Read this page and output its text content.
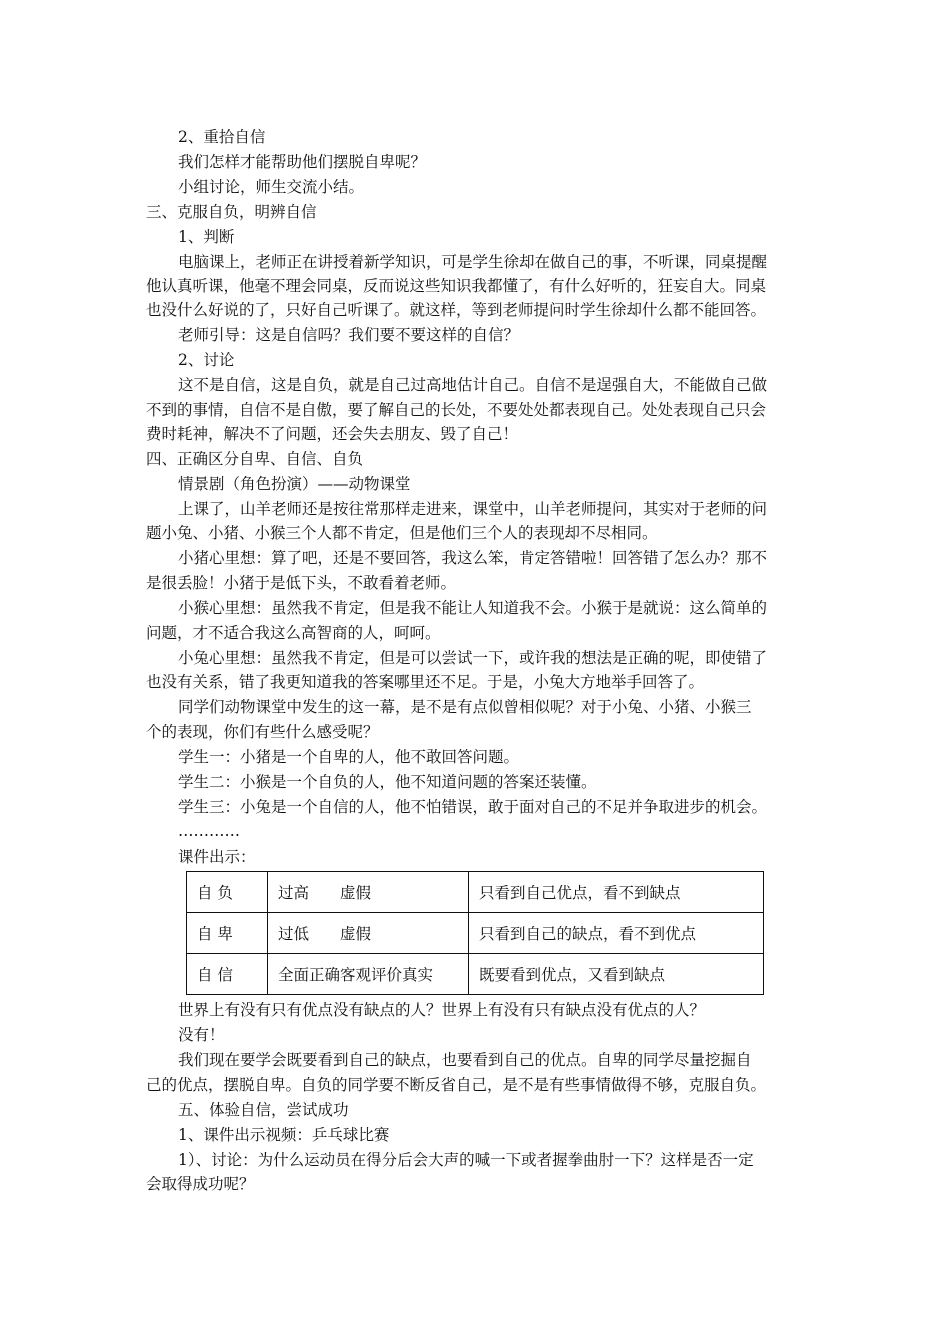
2、重拾自信
我们怎样才能帮助他们摆脱自卑呢？
小组讨论，师生交流小结。
三、克服自负，明辨自信
1、判断
电脑课上，老师正在讲授着新学知识，可是学生徐却在做自己的事，不听课，同桌提醒
他认真听课，他毫不理会同桌，反而说这些知识我都懂了，有什么好听的，狂妄自大。同桌
也没什么好说的了，只好自己听课了。就这样，等到老师提问时学生徐却什么都不能回答。
老师引导：这是自信吗？我们要不要这样的自信？
2、讨论
这不是自信，这是自负，就是自己过高地估计自己。自信不是逞强自大，不能做自己做
不到的事情，自信不是自傲，要了解自己的长处，不要处处都表现自己。处处表现自己只会
费时耗神，解决不了问题，还会失去朋友、毁了自己！
四、正确区分自卑、自信、自负
情景剧（角色扮演）——动物课堂
上课了，山羊老师还是按往常那样走进来，课堂中，山羊老师提问，其实对于老师的问
题小兔、小猪、小猴三个人都不肯定，但是他们三个人的表现却不尽相同。
小猪心里想：算了吧，还是不要回答，我这么笨，肯定答错啦！回答错了怎么办？那不
是很丢脸！小猪于是低下头，不敢看着老师。
小猴心里想：虽然我不肯定，但是我不能让人知道我不会。小猴于是就说：这么简单的
问题，才不适合我这么高智商的人，呵呵。
小兔心里想：虽然我不肯定，但是可以尝试一下，或许我的想法是正确的呢，即使错了
也没有关系，错了我更知道我的答案哪里还不足。于是，小兔大方地举手回答了。
同学们动物课堂中发生的这一幕，是不是有点似曾相似呢？对于小兔、小猪、小猴三
个的表现，你们有些什么感受呢？
学生一：小猪是一个自卑的人，他不敢回答问题。
学生二：小猴是一个自负的人，他不知道问题的答案还装懂。
学生三：小兔是一个自信的人，他不怕错误，敢于面对自己的不足并争取进步的机会。
…………
课件出示：
自 负	过高　　虚假	只看到自己优点，看不到缺点
自 卑	过低　　虚假	只看到自己的缺点，看不到优点
自 信	全面正确客观评价真实	既要看到优点，又看到缺点
世界上有没有只有优点没有缺点的人？世界上有没有只有缺点没有优点的人？
没有！
我们现在要学会既要看到自己的缺点，也要看到自己的优点。自卑的同学尽量挖掘自
己的优点，摆脱自卑。自负的同学要不断反省自己，是不是有些事情做得不够，克服自负。
五、体验自信，尝试成功
1、课件出示视频：乒乓球比赛
1）、讨论：为什么运动员在得分后会大声的喊一下或者握拳曲肘一下？这样是否一定
会取得成功呢？
